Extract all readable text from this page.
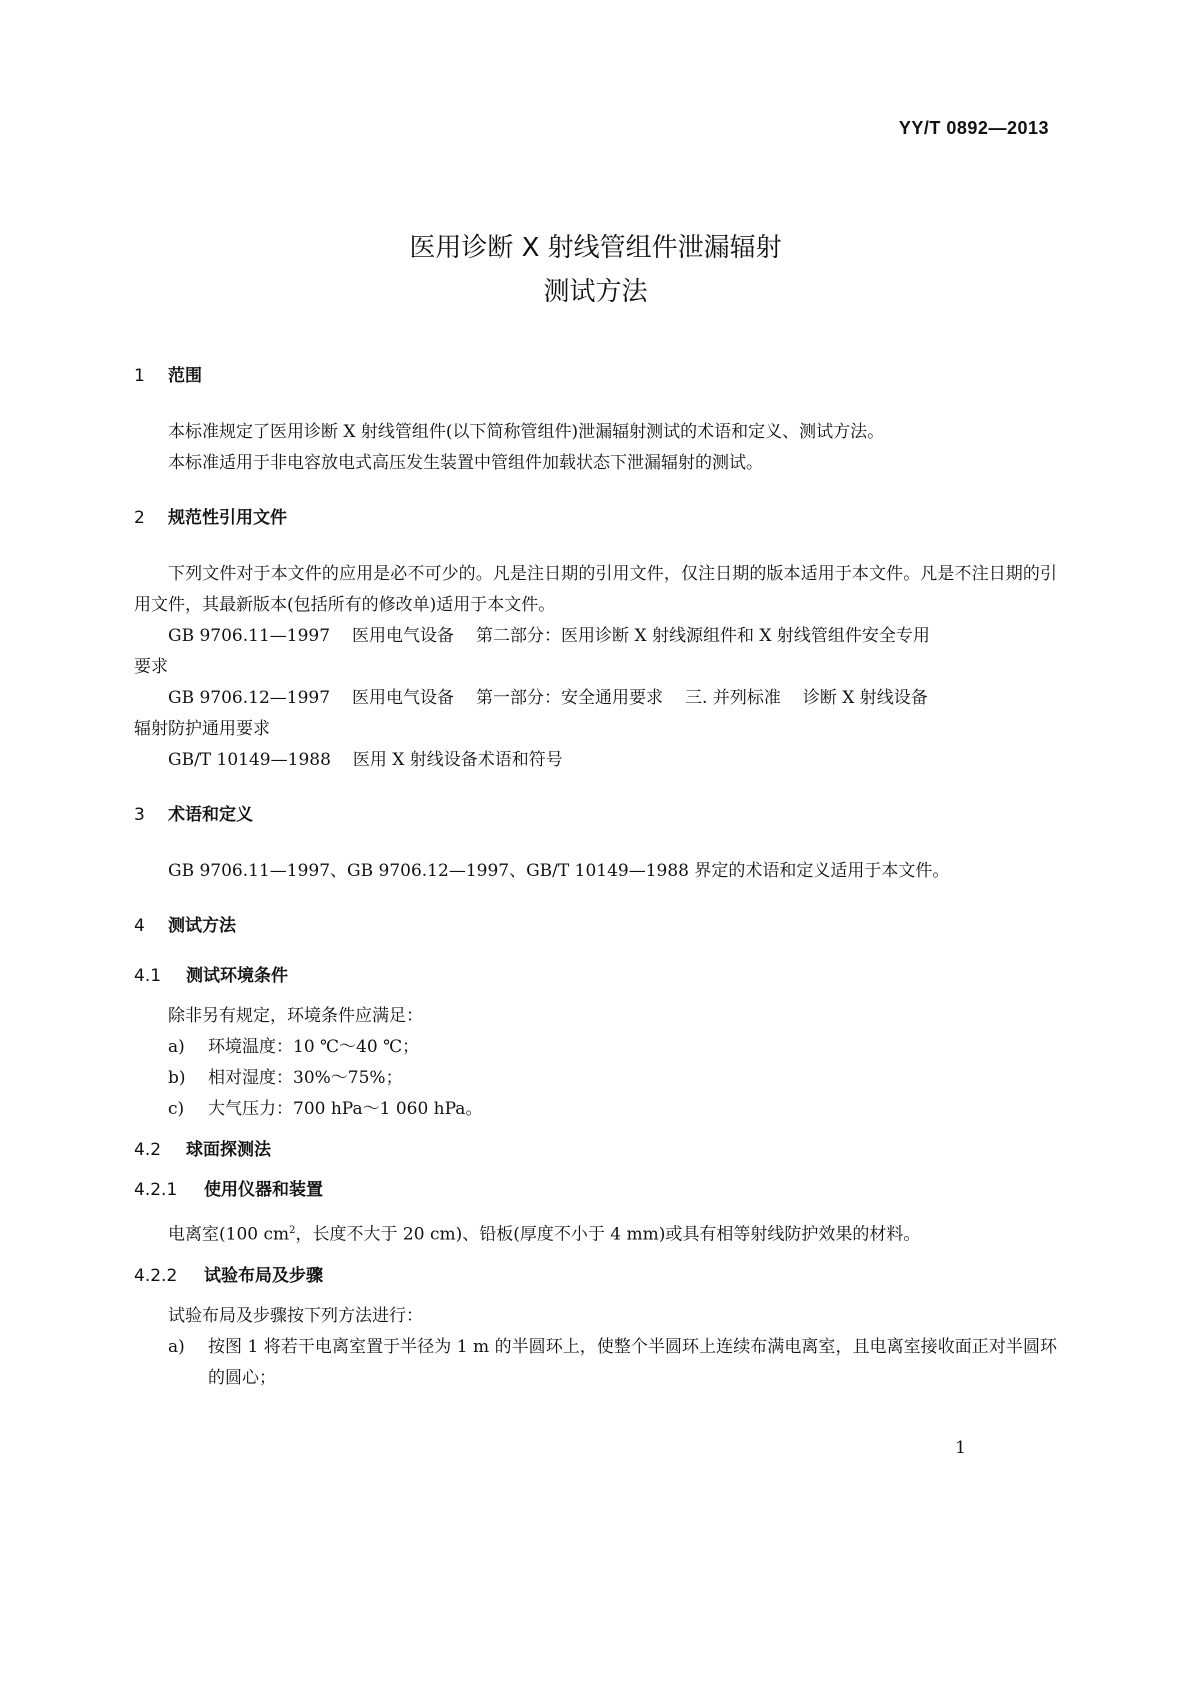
YY/T 0892—2013
医用诊断 X 射线管组件泄漏辐射
测试方法
1 范围
本标准规定了医用诊断 X 射线管组件(以下简称管组件)泄漏辐射测试的术语和定义、测试方法。
本标准适用于非电容放电式高压发生装置中管组件加载状态下泄漏辐射的测试。
2 规范性引用文件
下列文件对于本文件的应用是必不可少的。凡是注日期的引用文件，仅注日期的版本适用于本文件。凡是不注日期的引用文件，其最新版本(包括所有的修改单)适用于本文件。
GB 9706.11—1997 医用电气设备 第二部分：医用诊断 X 射线源组件和 X 射线管组件安全专用
要求
GB 9706.12—1997 医用电气设备 第一部分：安全通用要求 三. 并列标准 诊断 X 射线设备
辐射防护通用要求
GB/T 10149—1988 医用 X 射线设备术语和符号
3 术语和定义
GB 9706.11—1997、GB 9706.12—1997、GB/T 10149—1988 界定的术语和定义适用于本文件。
4 测试方法
4.1 测试环境条件
除非另有规定，环境条件应满足：
a) 环境温度：10 ℃～40 ℃；
b) 相对湿度：30%～75%；
c) 大气压力：700 hPa～1 060 hPa。
4.2 球面探测法
4.2.1 使用仪器和装置
电离室(100 $cm^2$，长度不大于 20 cm)、铅板(厚度不小于 4 mm)或具有相等射线防护效果的材料。
4.2.2 试验布局及步骤
试验布局及步骤按下列方法进行：
a) 按图 1 将若干电离室置于半径为 1 m 的半圆环上，使整个半圆环上连续布满电离室，且电离室接收面正对半圆环的圆心；
1
